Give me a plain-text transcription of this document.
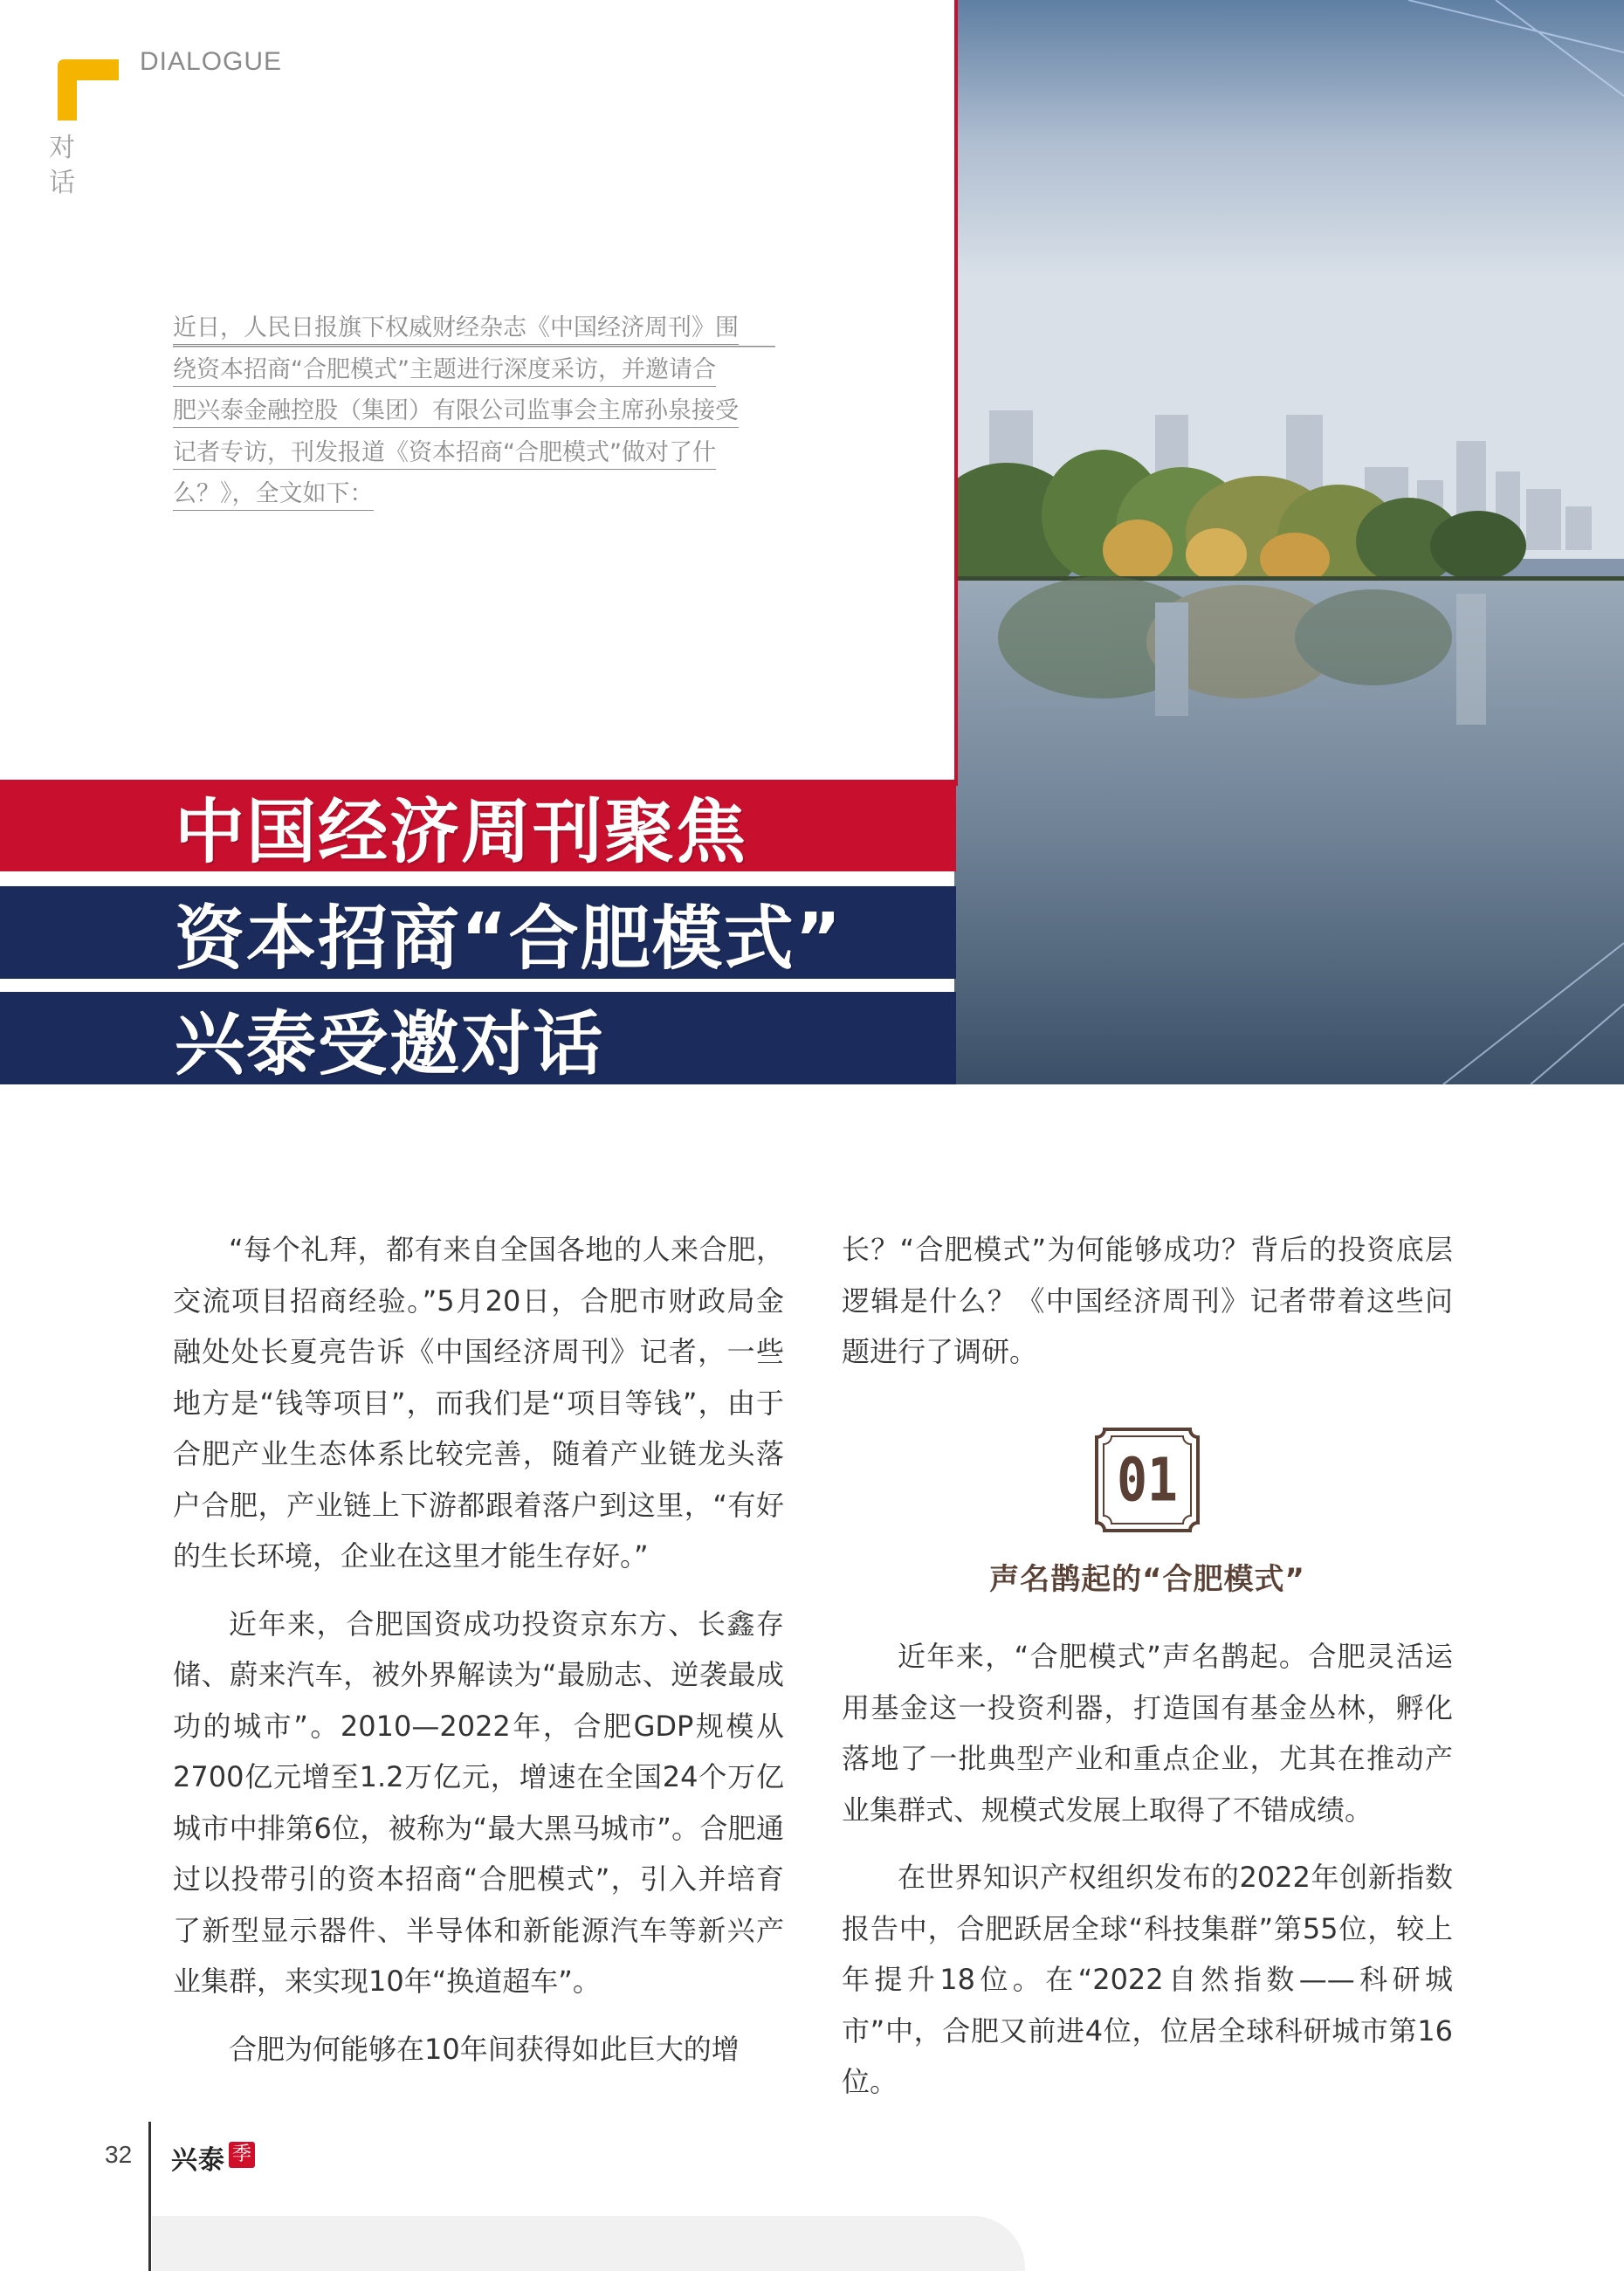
DIALOGUE
对话

近日，人民日报旗下权威财经杂志《中国经济周刊》围

绕资本招商“合肥模式”主题进行深度采访，并邀请合

肥兴泰金融控股（集团）有限公司监事会主席孙泉接受

记者专访，刊发报道《资本招商“合肥模式”做对了什

么？》，全文如下：

中国经济周刊聚焦
资本招商“合肥模式”
兴泰受邀对话

“每个礼拜，都有来自全国各地的人来合肥，交流项目招商经验。”5月20日，合肥市财政局金融处处长夏亮告诉《中国经济周刊》记者，一些地方是“钱等项目”，而我们是“项目等钱”，由于合肥产业生态体系比较完善，随着产业链龙头落户合肥，产业链上下游都跟着落户到这里，“有好的生长环境，企业在这里才能生存好。”

近年来，合肥国资成功投资京东方、长鑫存储、蔚来汽车，被外界解读为“最励志、逆袭最成功的城市”。2010—2022年，合肥GDP规模从2700亿元增至1.2万亿元，增速在全国24个万亿城市中排第6位，被称为“最大黑马城市”。合肥通过以投带引的资本招商“合肥模式”，引入并培育了新型显示器件、半导体和新能源汽车等新兴产业集群，来实现10年“换道超车”。

合肥为何能够在10年间获得如此巨大的增

长？“合肥模式”为何能够成功？背后的投资底层逻辑是什么？《中国经济周刊》记者带着这些问题进行了调研。

01
声名鹊起的“合肥模式”

近年来，“合肥模式”声名鹊起。合肥灵活运用基金这一投资利器，打造国有基金丛林，孵化落地了一批典型产业和重点企业，尤其在推动产业集群式、规模式发展上取得了不错成绩。

在世界知识产权组织发布的2022年创新指数报告中，合肥跃居全球“科技集群”第55位，较上年提升18位。在“2022自然指数——科研城市”中，合肥又前进4位，位居全球科研城市第16位。

32 兴泰 季
